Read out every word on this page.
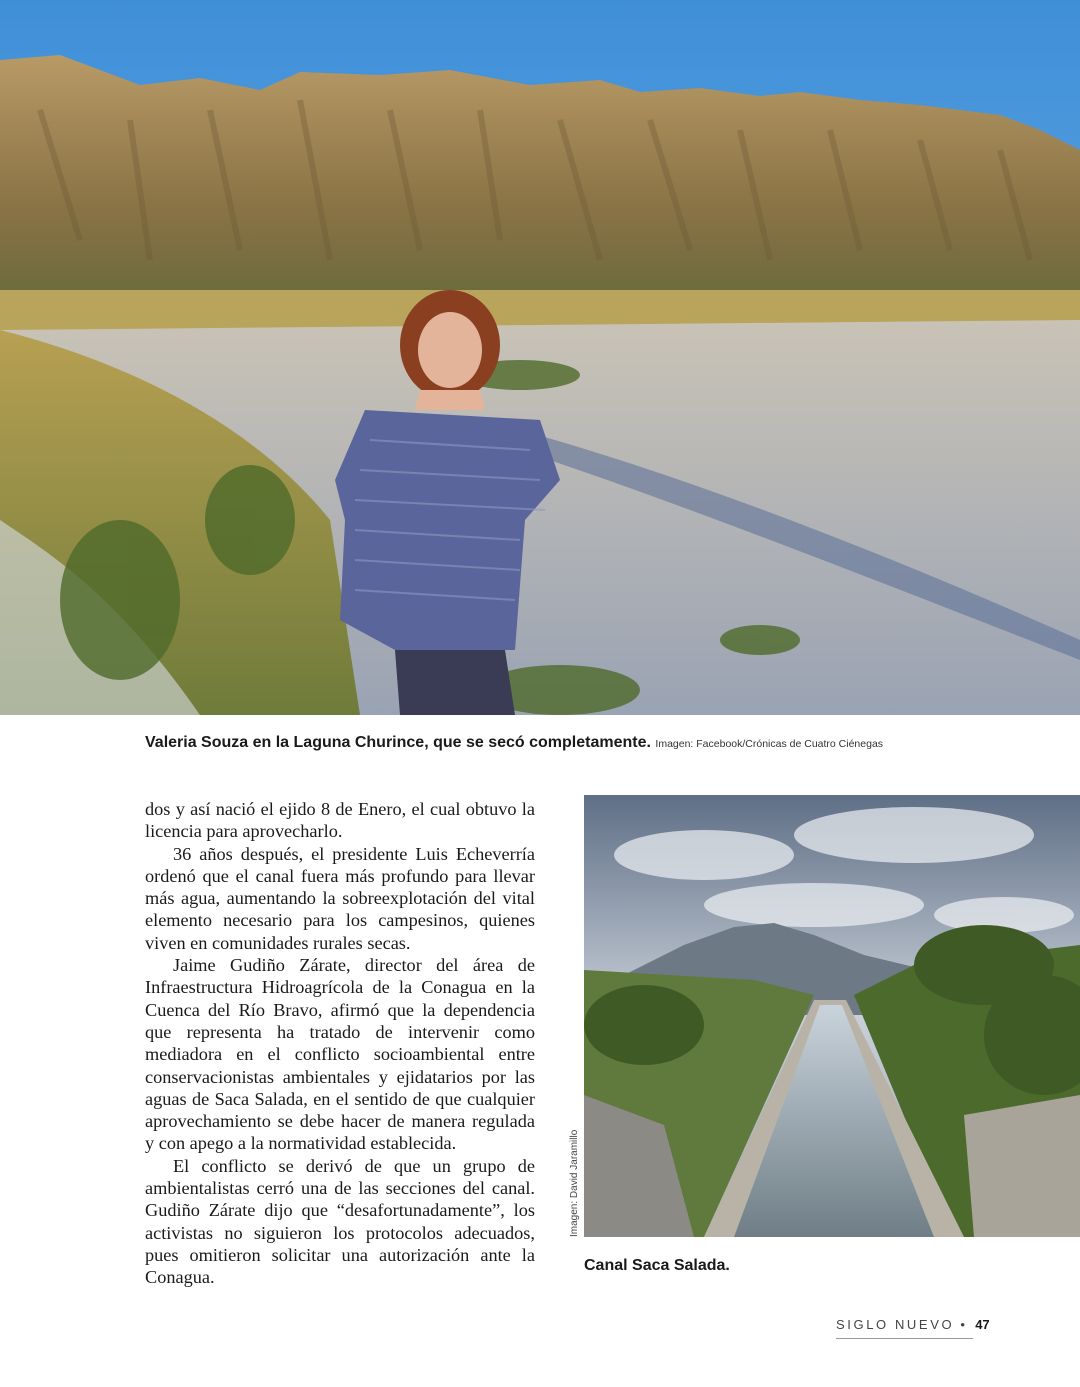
Valeria Souza en la Laguna Churince, que se secó completamente. Imagen: Facebook/Crónicas de Cuatro Ciénegas

dos y así nació el ejido 8 de Enero, el cual obtuvo la licencia para aprovecharlo.

36 años después, el presidente Luis Echeverría ordenó que el canal fuera más profundo para llevar más agua, aumentando la sobreexplotación del vital elemento necesario para los campesinos, quienes viven en comunidades rurales secas.

Jaime Gudiño Zárate, director del área de Infraestructura Hidroagrícola de la Conagua en la Cuenca del Río Bravo, afirmó que la dependencia que representa ha tratado de intervenir como mediadora en el conflicto socioambiental entre conservacionistas ambientales y ejidatarios por las aguas de Saca Salada, en el sentido de que cualquier aprovechamiento se debe hacer de manera regulada y con apego a la normatividad establecida.

El conflicto se derivó de que un grupo de ambientalistas cerró una de las secciones del canal. Gudiño Zárate dijo que “desafortunadamente”, los activistas no siguieron los protocolos adecuados, pues omitieron solicitar una autorización ante la Conagua.

Imagen: David Jaramillo
Canal Saca Salada.
SIGLO NUEVO • 47
